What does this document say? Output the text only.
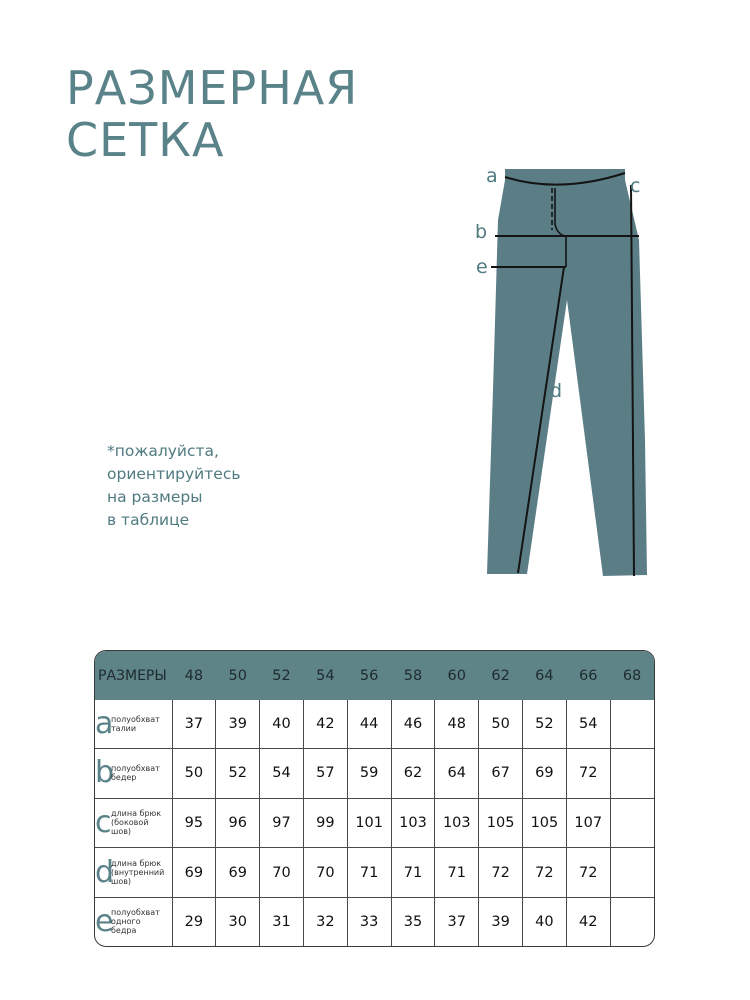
РАЗМЕРНАЯ
СЕТКА
*пожалуйста,
ориентируйтесь
на размеры
в таблице
a	c
b
e
d
РАЗМЕРЫ	48	50	52	54	56	58	60	62	64	66	68
aполуобхват талии	37	39	40	42	44	46	48	50	52	54	
bполуобхват бедер	50	52	54	57	59	62	64	67	69	72	
cдлина брюк (боковой шов)	95	96	97	99	101	103	103	105	105	107	
dдлина брюк (внутренний шов)	69	69	70	70	71	71	71	72	72	72	
eполуобхват одного бедра	29	30	31	32	33	35	37	39	40	42	
